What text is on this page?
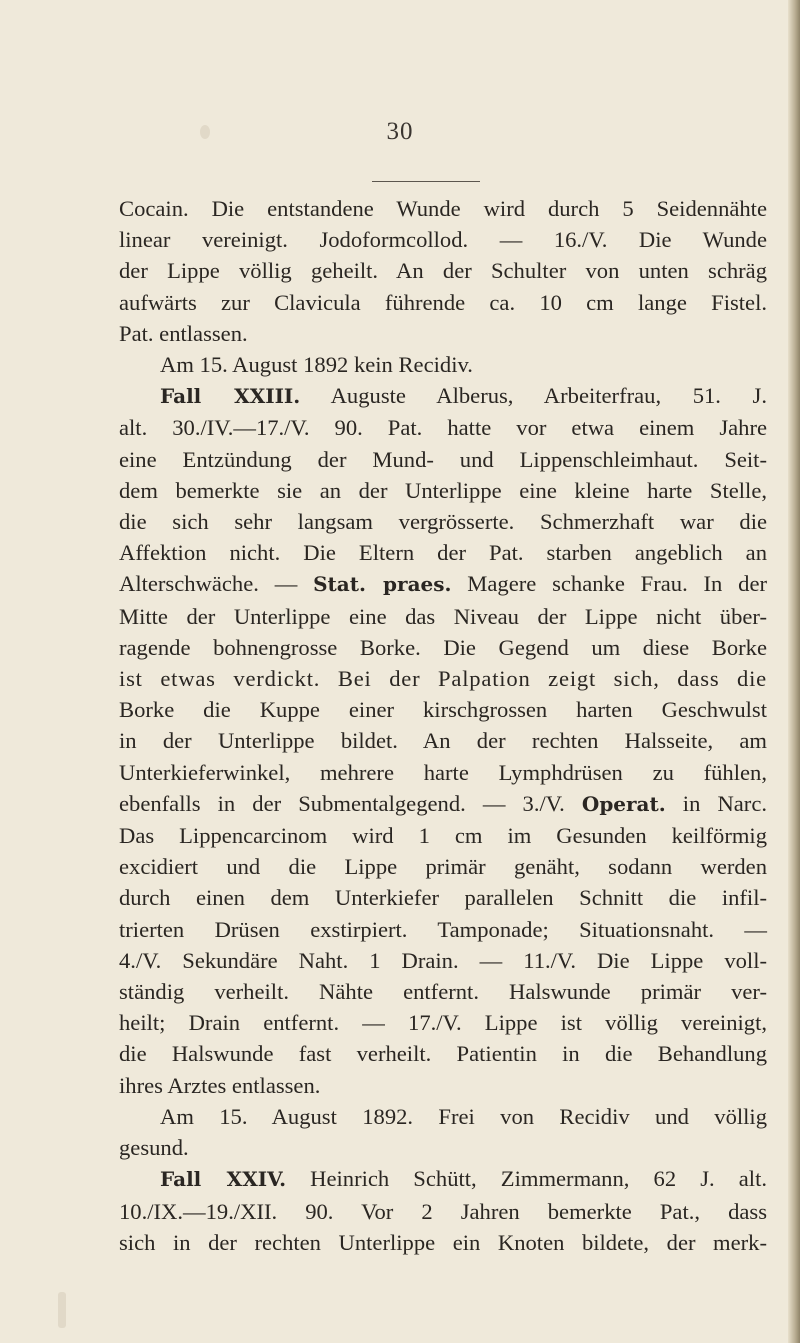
30
Cocain. Die entstandene Wunde wird durch 5 Seidennähte
linear vereinigt. Jodoformcollod. — 16./V. Die Wunde
der Lippe völlig geheilt. An der Schulter von unten schräg
aufwärts zur Clavicula führende ca. 10 cm lange Fistel.
Pat. entlassen.
Am 15. August 1892 kein Recidiv.
Fall XXIII. Auguste Alberus, Arbeiterfrau, 51. J.
alt. 30./IV.—17./V. 90. Pat. hatte vor etwa einem Jahre
eine Entzündung der Mund- und Lippenschleimhaut. Seit-
dem bemerkte sie an der Unterlippe eine kleine harte Stelle,
die sich sehr langsam vergrösserte. Schmerzhaft war die
Affektion nicht. Die Eltern der Pat. starben angeblich an
Alterschwäche. — Stat. praes. Magere schanke Frau. In der
Mitte der Unterlippe eine das Niveau der Lippe nicht über-
ragende bohnengrosse Borke. Die Gegend um diese Borke
ist etwas verdickt. Bei der Palpation zeigt sich, dass die
Borke die Kuppe einer kirschgrossen harten Geschwulst
in der Unterlippe bildet. An der rechten Halsseite, am
Unterkieferwinkel, mehrere harte Lymphdrüsen zu fühlen,
ebenfalls in der Submentalgegend. — 3./V. Operat. in Narc.
Das Lippencarcinom wird 1 cm im Gesunden keilförmig
excidiert und die Lippe primär genäht, sodann werden
durch einen dem Unterkiefer parallelen Schnitt die infil-
trierten Drüsen exstirpiert. Tamponade; Situationsnaht. —
4./V. Sekundäre Naht. 1 Drain. — 11./V. Die Lippe voll-
ständig verheilt. Nähte entfernt. Halswunde primär ver-
heilt; Drain entfernt. — 17./V. Lippe ist völlig vereinigt,
die Halswunde fast verheilt. Patientin in die Behandlung
ihres Arztes entlassen.
Am 15. August 1892. Frei von Recidiv und völlig
gesund.
Fall XXIV. Heinrich Schütt, Zimmermann, 62 J. alt.
10./IX.—19./XII. 90. Vor 2 Jahren bemerkte Pat., dass
sich in der rechten Unterlippe ein Knoten bildete, der merk-
